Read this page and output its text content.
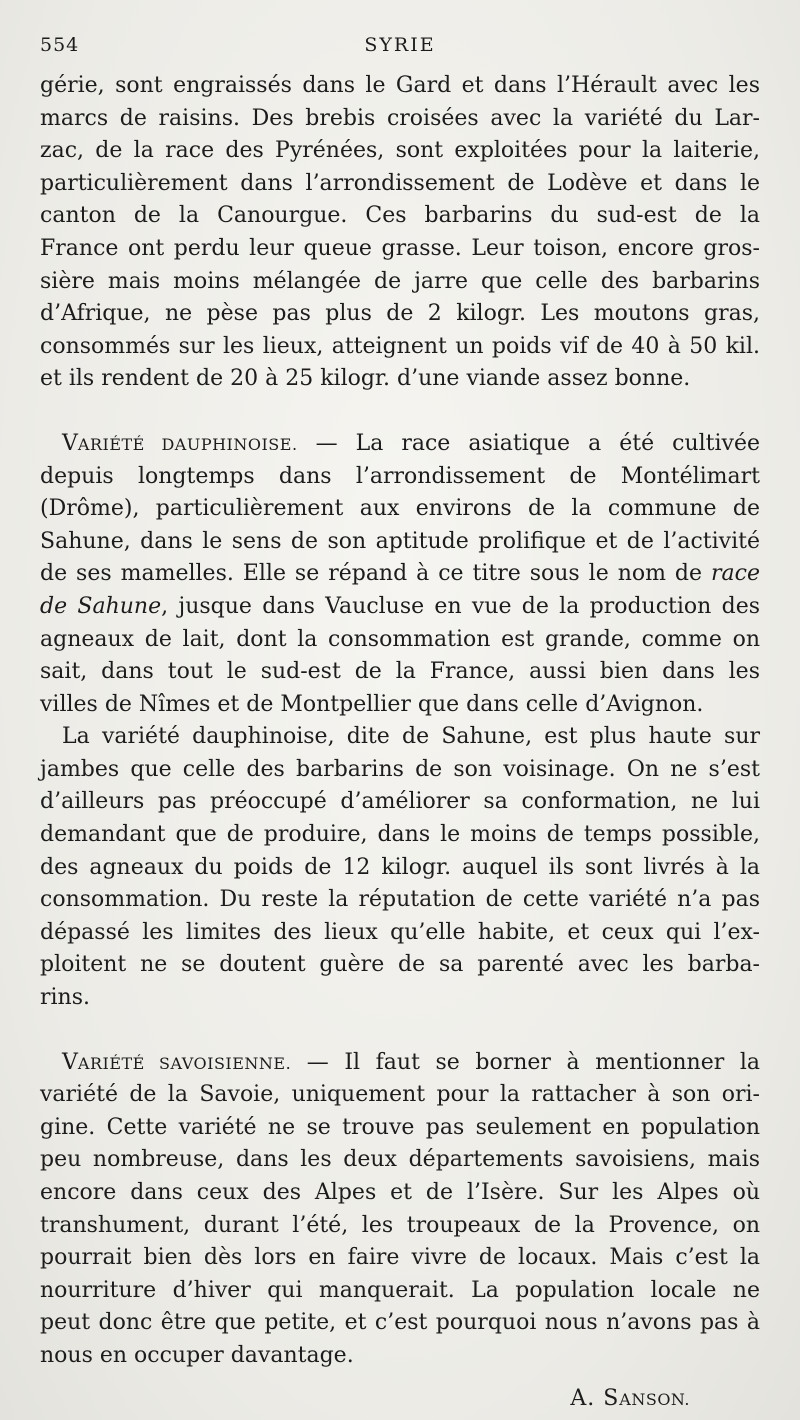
554	SYRIE
gérie, sont engraissés dans le Gard et dans l’Hérault avec les
marcs de raisins. Des brebis croisées avec la variété du Lar-
zac, de la race des Pyrénées, sont exploitées pour la laiterie,
particulièrement dans l’arrondissement de Lodève et dans le
canton de la Canourgue. Ces barbarins du sud-est de la
France ont perdu leur queue grasse. Leur toison, encore gros-
sière mais moins mélangée de jarre que celle des barbarins
d’Afrique, ne pèse pas plus de 2 kilogr. Les moutons gras,
consommés sur les lieux, atteignent un poids vif de 40 à 50 kil.
et ils rendent de 20 à 25 kilogr. d’une viande assez bonne.
VARIÉTÉ DAUPHINOISE. — La race asiatique a été cultivée
depuis longtemps dans l’arrondissement de Montélimart
(Drôme), particulièrement aux environs de la commune de
Sahune, dans le sens de son aptitude prolifique et de l’activité
de ses mamelles. Elle se répand à ce titre sous le nom de race
de Sahune, jusque dans Vaucluse en vue de la production des
agneaux de lait, dont la consommation est grande, comme on
sait, dans tout le sud-est de la France, aussi bien dans les
villes de Nîmes et de Montpellier que dans celle d’Avignon.
La variété dauphinoise, dite de Sahune, est plus haute sur
jambes que celle des barbarins de son voisinage. On ne s’est
d’ailleurs pas préoccupé d’améliorer sa conformation, ne lui
demandant que de produire, dans le moins de temps possible,
des agneaux du poids de 12 kilogr. auquel ils sont livrés à la
consommation. Du reste la réputation de cette variété n’a pas
dépassé les limites des lieux qu’elle habite, et ceux qui l’ex-
ploitent ne se doutent guère de sa parenté avec les barba-
rins.
VARIÉTÉ SAVOISIENNE. — Il faut se borner à mentionner la
variété de la Savoie, uniquement pour la rattacher à son ori-
gine. Cette variété ne se trouve pas seulement en population
peu nombreuse, dans les deux départements savoisiens, mais
encore dans ceux des Alpes et de l’Isère. Sur les Alpes où
transhument, durant l’été, les troupeaux de la Provence, on
pourrait bien dès lors en faire vivre de locaux. Mais c’est la
nourriture d’hiver qui manquerait. La population locale ne
peut donc être que petite, et c’est pourquoi nous n’avons pas à
nous en occuper davantage.
A. SANSON.
